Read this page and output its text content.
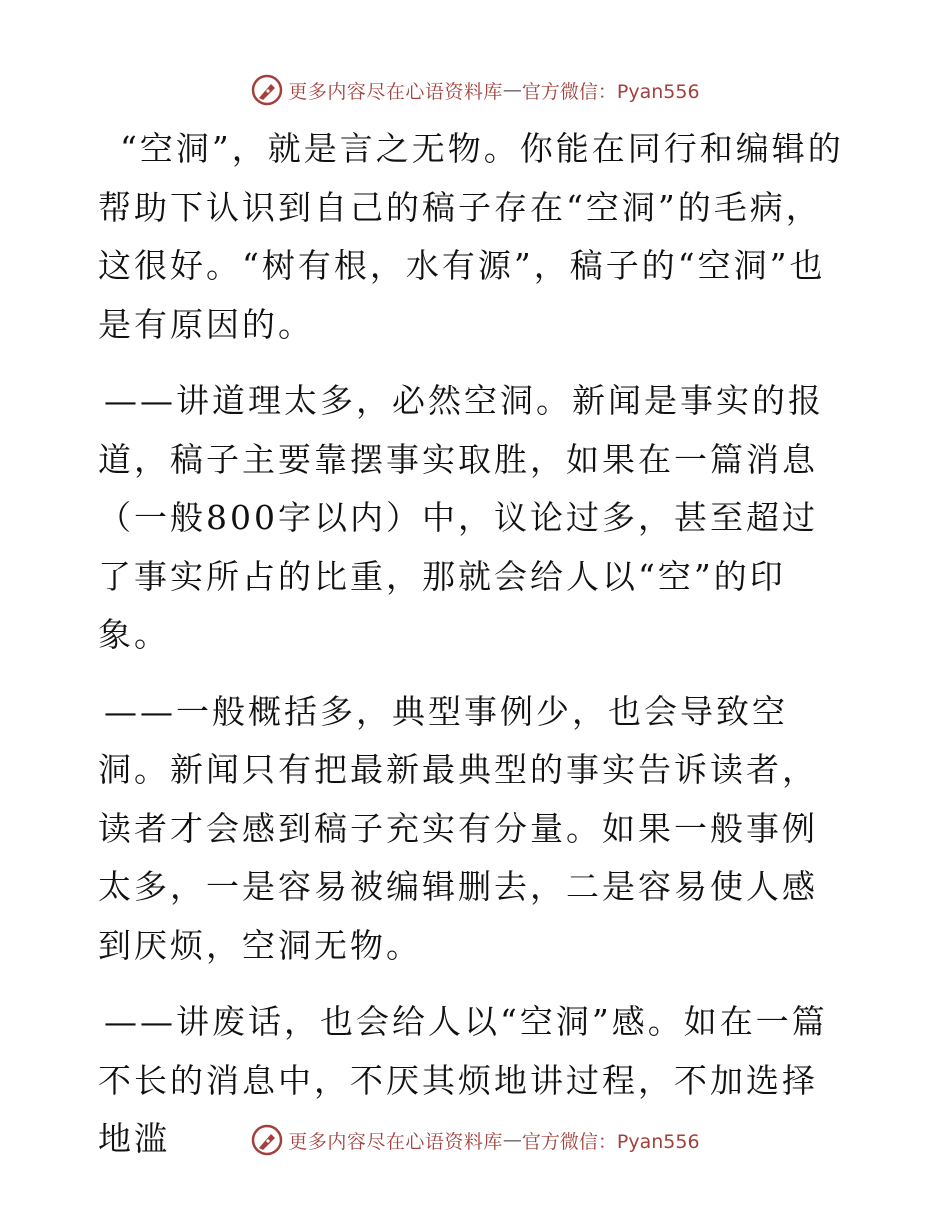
更多内容尽在心语资料库 — 官方微信：Pyan556

“空洞”，就是言之无物。你能在同行和编辑的帮助下认识到自己的稿子存在“空洞”的毛病，这很好。“树有根，水有源”，稿子的“空洞”也是有原因的。

——讲道理太多，必然空洞。新闻是事实的报道，稿子主要靠摆事实取胜，如果在一篇消息（一般800字以内）中，议论过多，甚至超过了事实所占的比重，那就会给人以“空”的印象。

——一般概括多，典型事例少，也会导致空洞。新闻只有把最新最典型的事实告诉读者，读者才会感到稿子充实有分量。如果一般事例太多，一是容易被编辑删去，二是容易使人感到厌烦，空洞无物。

——讲废话，也会给人以“空洞”感。如在一篇不长的消息中，不厌其烦地讲过程，不加选择地滥	更多内容尽在心语资料库 — 官方微信：Pyan556
